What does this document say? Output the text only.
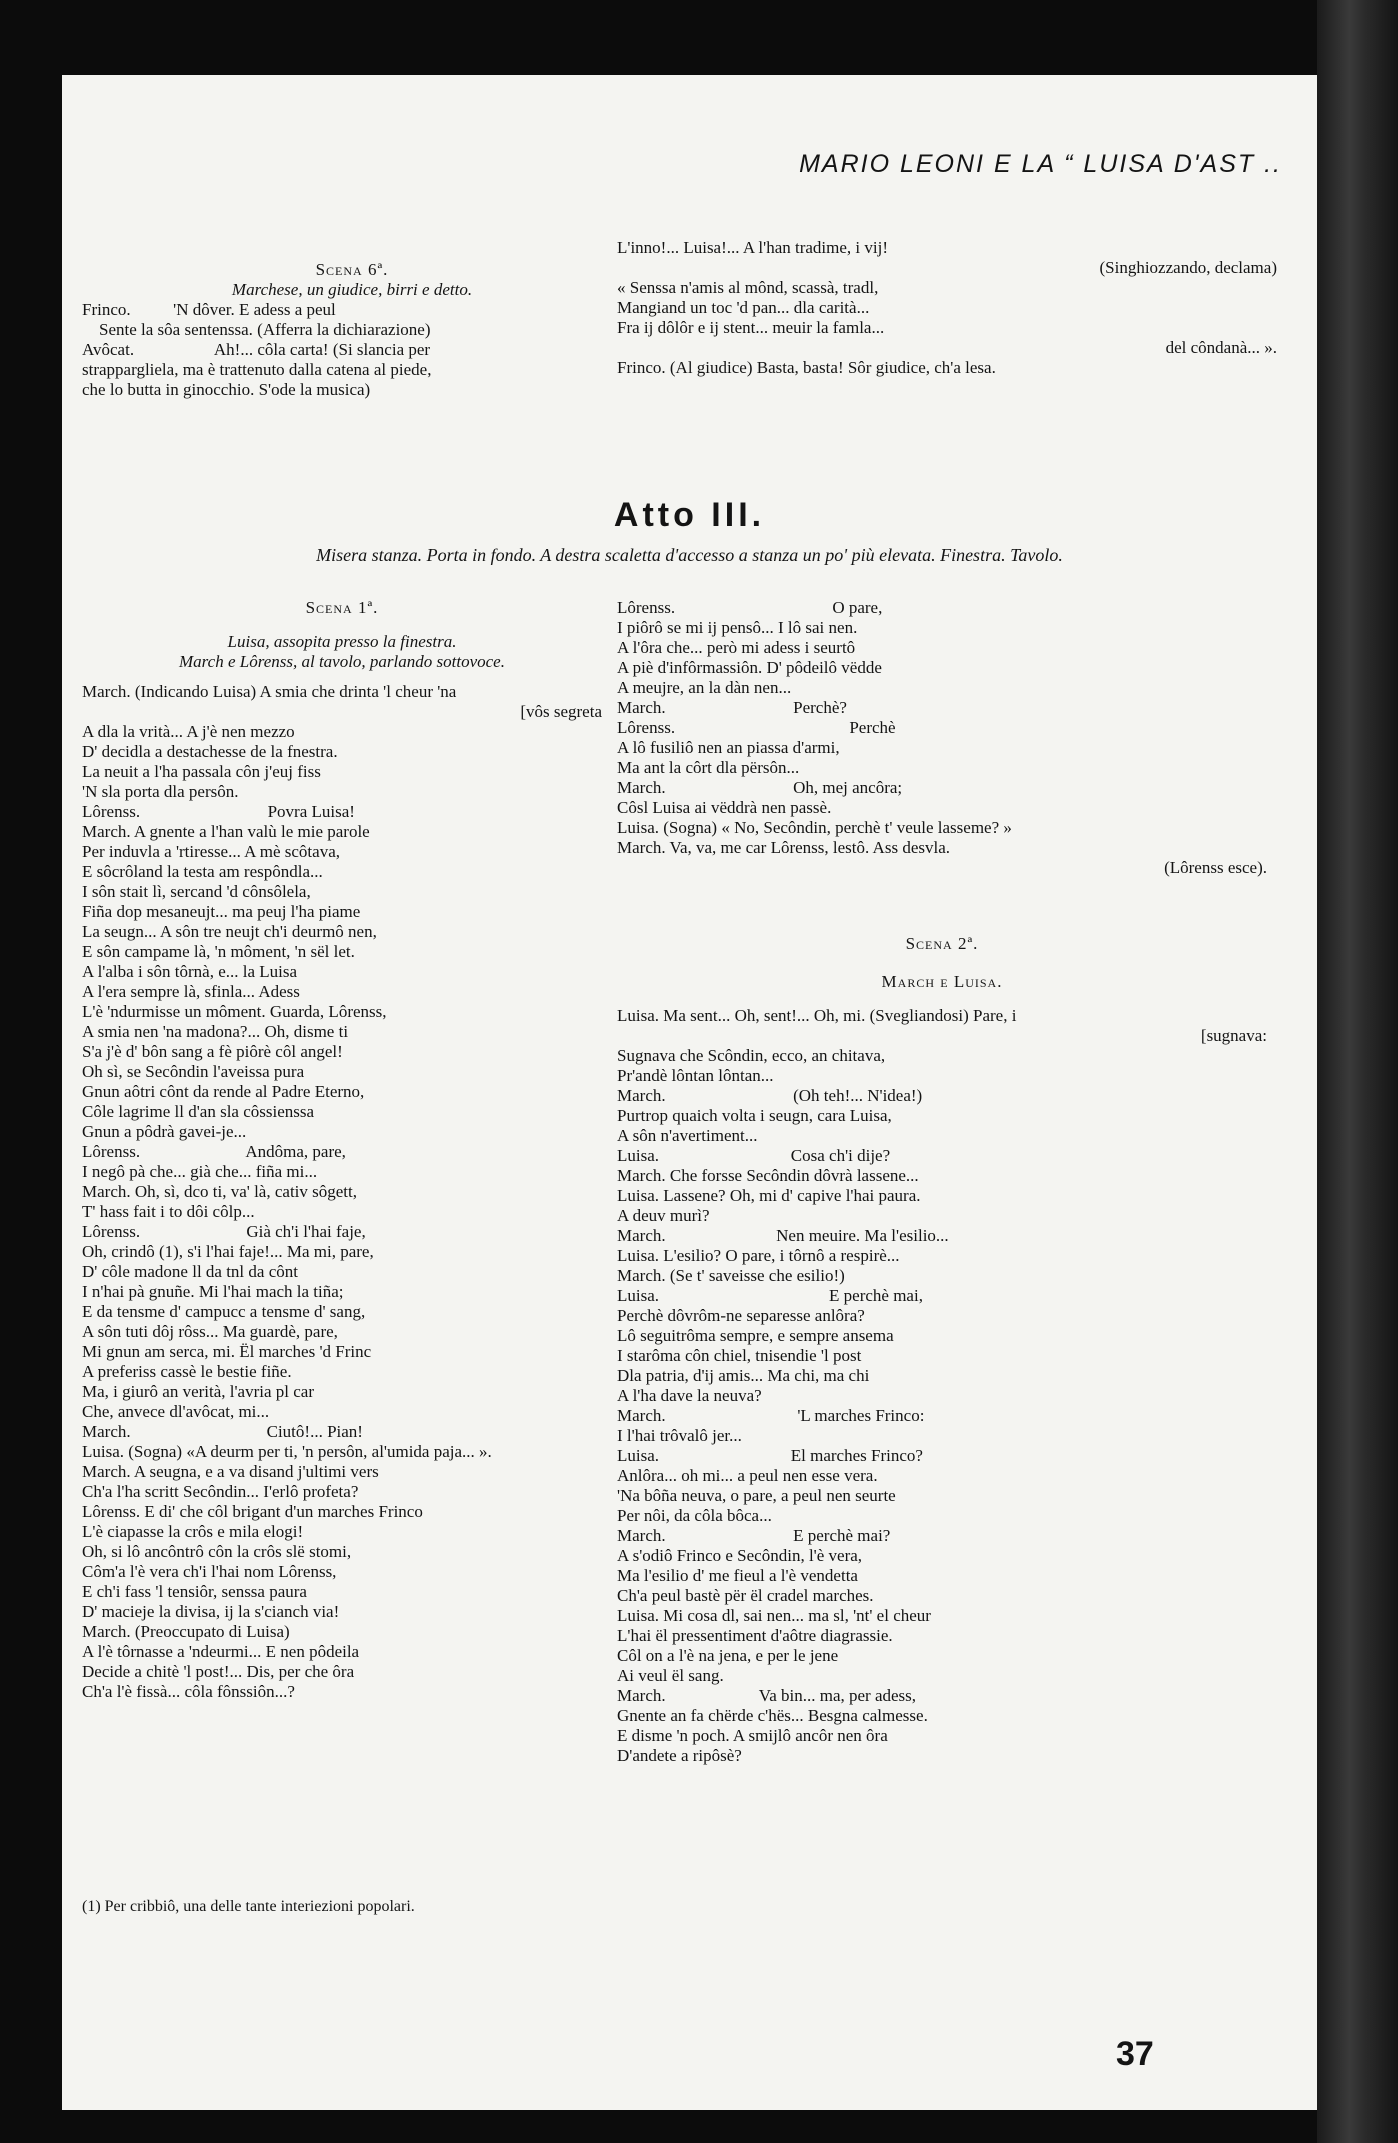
MARIO LEONI E LA “ LUISA D'AST ..
Scena 6ª.
Marchese, un giudice, birri e detto.
Frinco.          'N dôver. E adess a peul
Sente la sôa sentenssa. (Afferra la dichiarazione)
Avôcat.                   Ah!... côla carta! (Si slancia per
strappargliela, ma è trattenuto dalla catena al piede,
che lo butta in ginocchio. S'ode la musica)
L'inno!... Luisa!... A l'han tradime, i vij!
(Singhiozzando, declama)
« Senssa n'amis al mônd, scassà, tradl,
Mangiand un toc 'd pan... dla carità...
Fra ij dôlôr e ij stent... meuir la famla...
del côndanà... ».
Frinco. (Al giudice) Basta, basta! Sôr giudice, ch'a lesa.
Atto III.
Misera stanza. Porta in fondo. A destra scaletta d'accesso a stanza un po' più elevata. Finestra. Tavolo.
Scena 1ª.
Luisa, assopita presso la finestra.
March e Lôrenss, al tavolo, parlando sottovoce.
March. (Indicando Luisa) A smia che drinta 'l cheur 'na
[vôs segreta
A dla la vrità... A j'è nen mezzo
D' decidla a destachesse de la fnestra.
La neuit a l'ha passala côn j'euj fiss
'N sla porta dla persôn.
Lôrenss.                              Povra Luisa!
March. A gnente a l'han valù le mie parole
Per induvla a 'rtiresse... A mè scôtava,
E sôcrôland la testa am respôndla...
I sôn stait lì, sercand 'd cônsôlela,
Fiña dop mesaneujt... ma peuj l'ha piame
La seugn... A sôn tre neujt ch'i deurmô nen,
E sôn campame là, 'n môment, 'n sël let.
A l'alba i sôn tôrnà, e... la Luisa
A l'era sempre là, sfinla... Adess
L'è 'ndurmisse un môment. Guarda, Lôrenss,
A smia nen 'na madona?... Oh, disme ti
S'a j'è d' bôn sang a fè piôrè côl angel!
Oh sì, se Secôndin l'aveissa pura
Gnun aôtri cônt da rende al Padre Eterno,
Côle lagrime ll d'an sla côssienssa
Gnun a pôdrà gavei-je...
Lôrenss.                         Andôma, pare,
I negô pà che... già che... fiña mi...
March. Oh, sì, dco ti, va' là, cativ sôgett,
T' hass fait i to dôi côlp...
Lôrenss.                         Già ch'i l'hai faje,
Oh, crindô (1), s'i l'hai faje!... Ma mi, pare,
D' côle madone ll da tnl da cônt
I n'hai pà gnuñe. Mi l'hai mach la tiña;
E da tensme d' campucc a tensme d' sang,
A sôn tuti dôj rôss... Ma guardè, pare,
Mi gnun am serca, mi. Ël marches 'd Frinc
A preferiss cassè le bestie fiñe.
Ma, i giurô an verità, l'avria pl car
Che, anvece dl'avôcat, mi...
March.                                Ciutô!... Pian!
Luisa. (Sogna) «A deurm per ti, 'n persôn, al'umida paja... ».
March. A seugna, e a va disand j'ultimi vers
Ch'a l'ha scritt Secôndin... I'erlô profeta?
Lôrenss. E di' che côl brigant d'un marches Frinco
L'è ciapasse la crôs e mila elogi!
Oh, si lô ancôntrô côn la crôs slë stomi,
Côm'a l'è vera ch'i l'hai nom Lôrenss,
E ch'i fass 'l tensiôr, senssa paura
D' macieje la divisa, ij la s'cianch via!
March. (Preoccupato di Luisa)
A l'è tôrnasse a 'ndeurmi... E nen pôdeila
Decide a chitè 'l post!... Dis, per che ôra
Ch'a l'è fissà... côla fônssiôn...?
Lôrenss.                                     O pare,
I piôrô se mi ij pensô... I lô sai nen.
A l'ôra che... però mi adess i seurtô
A piè d'infôrmassiôn. D' pôdeilô vëdde
A meujre, an la dàn nen...
March.                              Perchè?
Lôrenss.                                         Perchè
A lô fusiliô nen an piassa d'armi,
Ma ant la côrt dla përsôn...
March.                              Oh, mej ancôra;
Côsl Luisa ai vëddrà nen passè.
Luisa. (Sogna) « No, Secôndin, perchè t' veule lasseme? »
March. Va, va, me car Lôrenss, lestô. Ass desvla.
(Lôrenss esce).
Scena 2ª.
March e Luisa.
Luisa. Ma sent... Oh, sent!... Oh, mi. (Svegliandosi) Pare, i
[sugnava:
Sugnava che Scôndin, ecco, an chitava,
Pr'andè lôntan lôntan...
March.                              (Oh teh!... N'idea!)
Purtrop quaich volta i seugn, cara Luisa,
A sôn n'avertiment...
Luisa.                               Cosa ch'i dije?
March. Che forsse Secôndin dôvrà lassene...
Luisa. Lassene? Oh, mi d' capive l'hai paura.
A deuv murì?
March.                          Nen meuire. Ma l'esilio...
Luisa. L'esilio? O pare, i tôrnô a respirè...
March. (Se t' saveisse che esilio!)
Luisa.                                        E perchè mai,
Perchè dôvrôm-ne separesse anlôra?
Lô seguitrôma sempre, e sempre ansema
I starôma côn chiel, tnisendie 'l post
Dla patria, d'ij amis... Ma chi, ma chi
A l'ha dave la neuva?
March.                               'L marches Frinco:
I l'hai trôvalô jer...
Luisa.                               El marches Frinco?
Anlôra... oh mi... a peul nen esse vera.
'Na bôña neuva, o pare, a peul nen seurte
Per nôi, da côla bôca...
March.                              E perchè mai?
A s'odiô Frinco e Secôndin, l'è vera,
Ma l'esilio d' me fieul a l'è vendetta
Ch'a peul bastè për ël cradel marches.
Luisa. Mi cosa dl, sai nen... ma sl, 'nt' el cheur
L'hai ël pressentiment d'aôtre diagrassie.
Côl on a l'è na jena, e per le jene
Ai veul ël sang.
March.                      Va bin... ma, per adess,
Gnente an fa chërde c'hës... Besgna calmesse.
E disme 'n poch. A smijlô ancôr nen ôra
D'andete a ripôsè?
(1) Per cribbiô, una delle tante interiezioni popolari.
37
